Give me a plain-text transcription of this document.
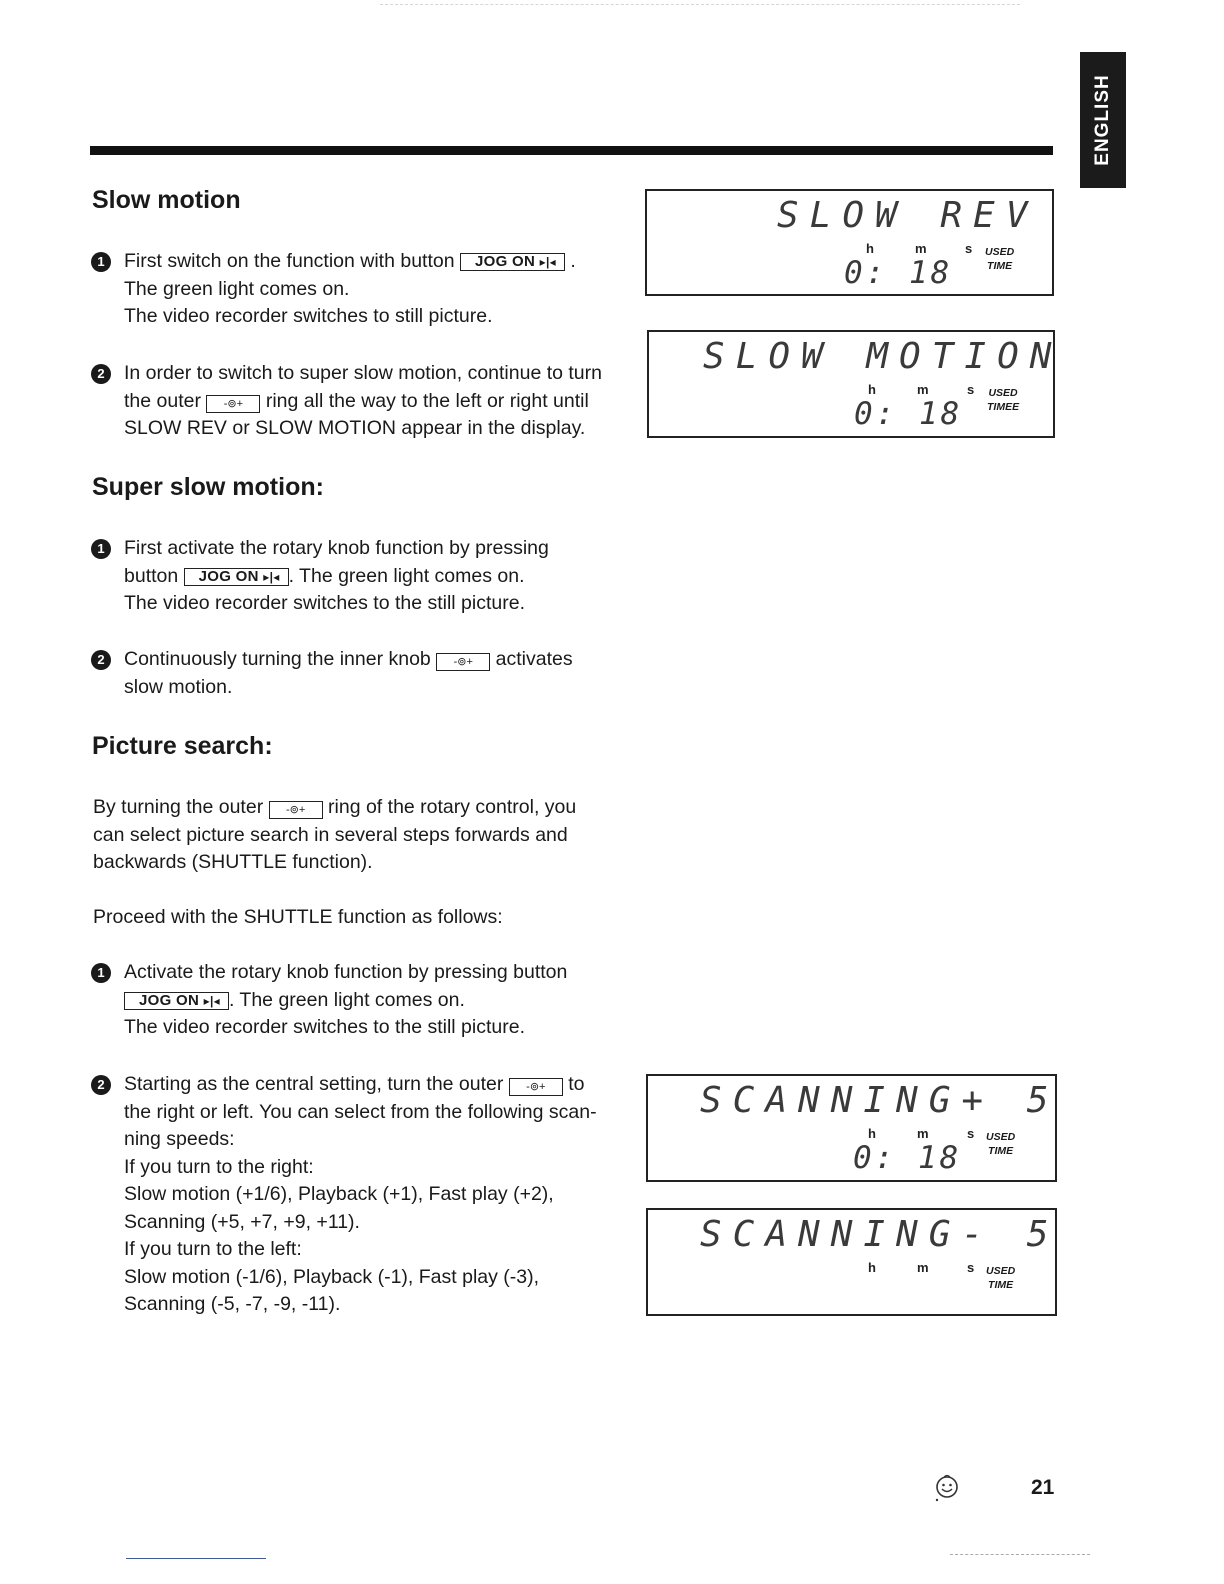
ENGLISH
Slow motion
1 First switch on the function with button JOG ON ▸|◂ .
The green light comes on.
The video recorder switches to still picture.
2 In order to switch to super slow motion, continue to turn
the outer -⊚+ ring all the way to the left or right until
SLOW REV or SLOW MOTION appear in the display.
Super slow motion:
1 First activate the rotary knob function by pressing
button JOG ON ▸|◂ . The green light comes on.
The video recorder switches to the still picture.
2 Continuously turning the inner knob -⊚+ activates
slow motion.
Picture search:
By turning the outer -⊚+ ring of the rotary control, you
can select picture search in several steps forwards and
backwards (SHUTTLE function).

Proceed with the SHUTTLE function as follows:

1 Activate the rotary knob function by pressing button
JOG ON ▸|◂ . The green light comes on.
The video recorder switches to the still picture.
2 Starting as the central setting, turn the outer -⊚+ to
the right or left. You can select from the following scan-
ning speeds:
If you turn to the right:
Slow motion (+1/6), Playback (+1), Fast play (+2),
Scanning (+5, +7, +9, +11).
If you turn to the left:
Slow motion (-1/6), Playback (-1), Fast play (-3),
Scanning (-5, -7, -9, -11).
SLOW REV
h	m	s USED
TIME
0: 18
SLOW MOTION
h	m	s USED
TIMEE
0: 18
SCANNING+ 5
h	m	s USED
TIME
0: 18
SCANNING- 5
h	m	s USED
TIME
21
